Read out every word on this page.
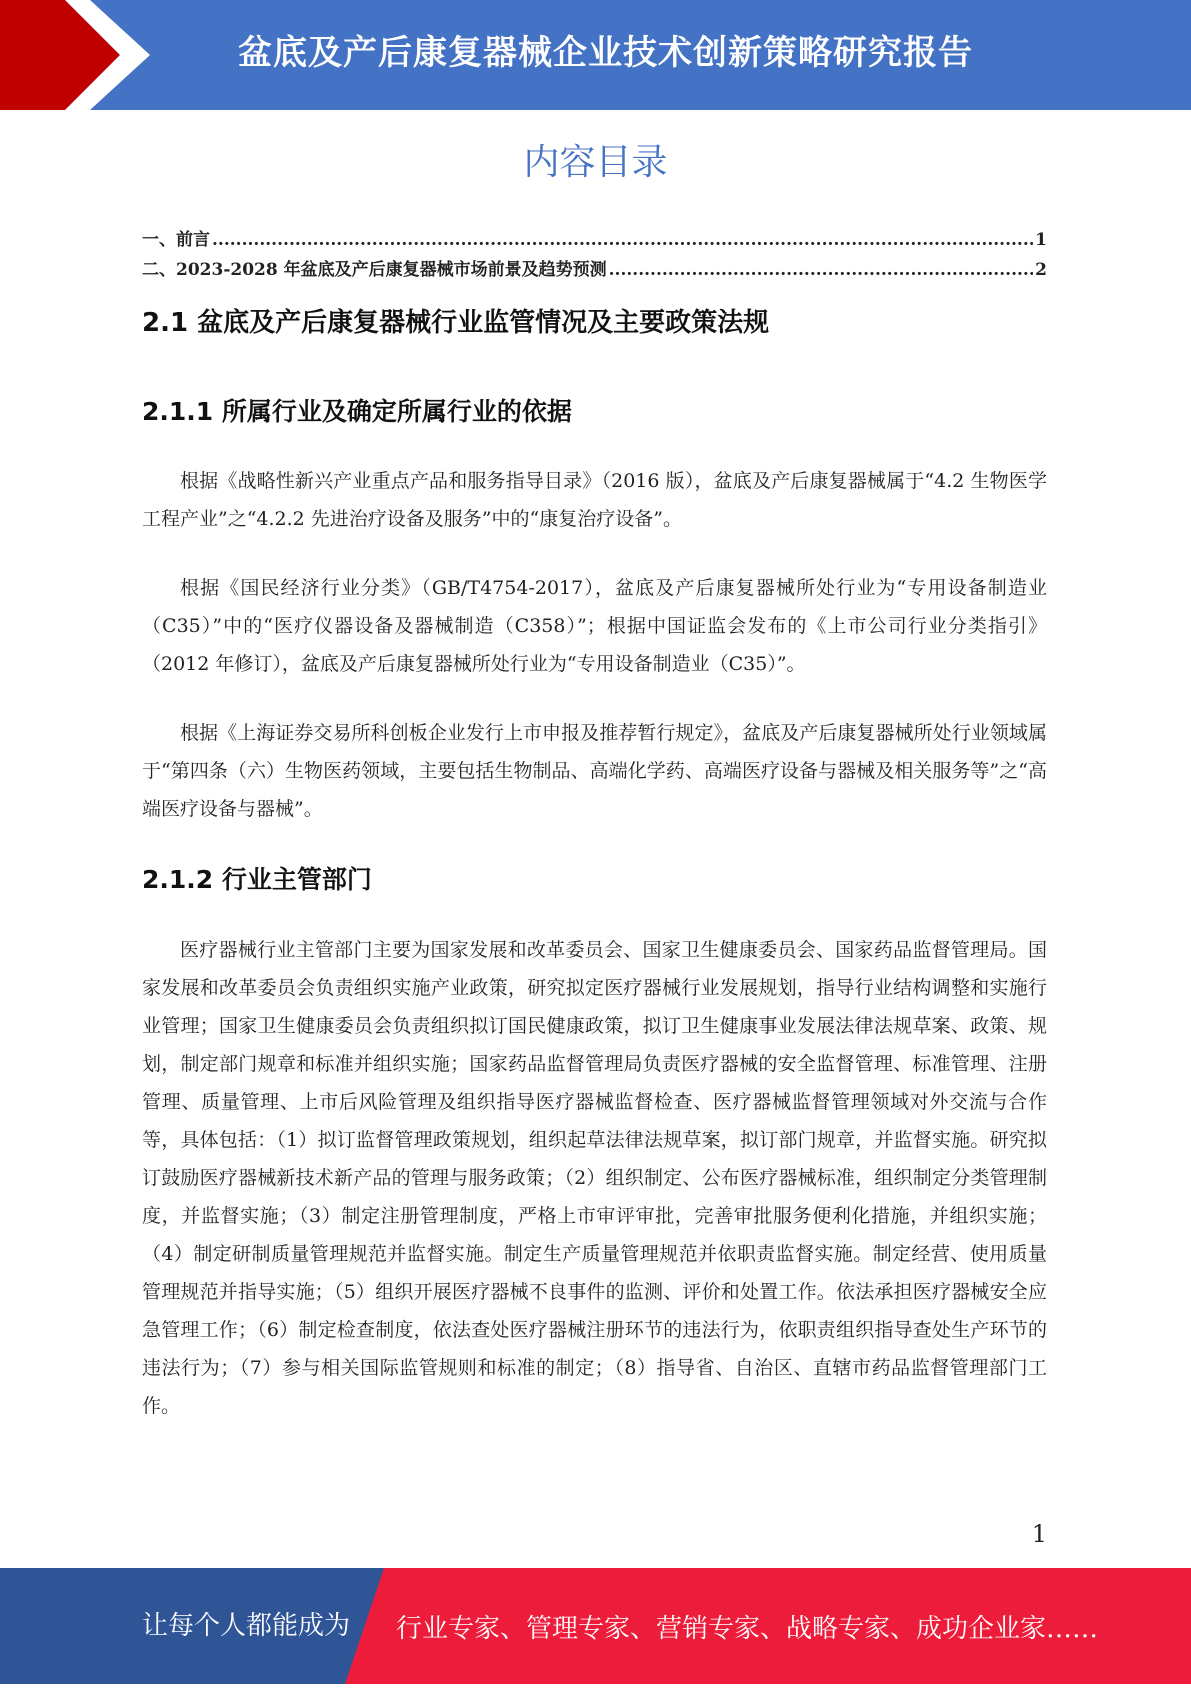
盆底及产后康复器械企业技术创新策略研究报告
内容目录
一、前言 .....	1
二、2023-2028 年盆底及产后康复器械市场前景及趋势预测 .....	2
2.1 盆底及产后康复器械行业监管情况及主要政策法规
2.1.1 所属行业及确定所属行业的依据

根据《战略性新兴产业重点产品和服务指导目录》（2016 版），盆底及产后康复器械属于“4.2 生物医学工程产业”之“4.2.2 先进治疗设备及服务”中的“康复治疗设备”。

根据《国民经济行业分类》（GB/T4754-2017），盆底及产后康复器械所处行业为“专用设备制造业（C35）”中的“医疗仪器设备及器械制造（C358）”；根据中国证监会发布的《上市公司行业分类指引》（2012 年修订），盆底及产后康复器械所处行业为“专用设备制造业（C35）”。

根据《上海证券交易所科创板企业发行上市申报及推荐暂行规定》，盆底及产后康复器械所处行业领域属于“第四条（六）生物医药领域，主要包括生物制品、高端化学药、高端医疗设备与器械及相关服务等”之“高端医疗设备与器械”。

2.1.2 行业主管部门

医疗器械行业主管部门主要为国家发展和改革委员会、国家卫生健康委员会、国家药品监督管理局。国家发展和改革委员会负责组织实施产业政策，研究拟定医疗器械行业发展规划，指导行业结构调整和实施行业管理；国家卫生健康委员会负责组织拟订国民健康政策，拟订卫生健康事业发展法律法规草案、政策、规划，制定部门规章和标准并组织实施；国家药品监督管理局负责医疗器械的安全监督管理、标准管理、注册管理、质量管理、上市后风险管理及组织指导医疗器械监督检查、医疗器械监督管理领域对外交流与合作等，具体包括：（1）拟订监督管理政策规划，组织起草法律法规草案，拟订部门规章，并监督实施。研究拟订鼓励医疗器械新技术新产品的管理与服务政策；（2）组织制定、公布医疗器械标准，组织制定分类管理制度，并监督实施；（3）制定注册管理制度，严格上市审评审批，完善审批服务便利化措施，并组织实施；（4）制定研制质量管理规范并监督实施。制定生产质量管理规范并依职责监督实施。制定经营、使用质量管理规范并指导实施；（5）组织开展医疗器械不良事件的监测、评价和处置工作。依法承担医疗器械安全应急管理工作；（6）制定检查制度，依法查处医疗器械注册环节的违法行为，依职责组织指导查处生产环节的违法行为；（7）参与相关国际监管规则和标准的制定；（8）指导省、自治区、直辖市药品监督管理部门工作。

1
让每个人都能成为 行业专家、管理专家、营销专家、战略专家、成功企业家……
